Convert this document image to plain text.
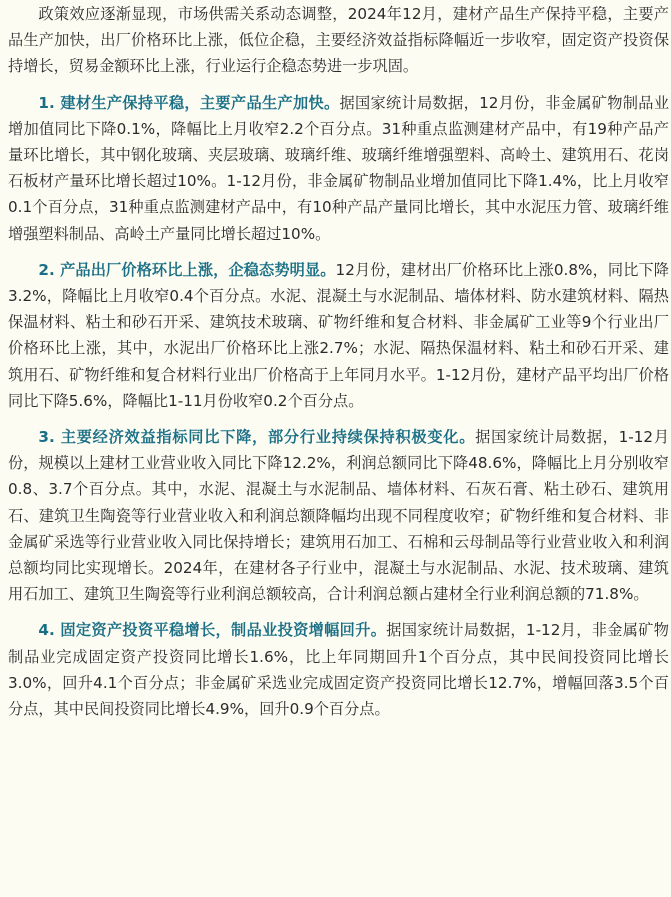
政策效应逐渐显现，市场供需关系动态调整，2024年12月，建材产品生产保持平稳，主要产品生产加快，出厂价格环比上涨，低位企稳，主要经济效益指标降幅近一步收窄，固定资产投资保持增长，贸易金额环比上涨，行业运行企稳态势进一步巩固。

1. 建材生产保持平稳，主要产品生产加快。据国家统计局数据，12月份，非金属矿物制品业增加值同比下降0.1%，降幅比上月收窄2.2个百分点。31种重点监测建材产品中，有19种产品产量环比增长，其中钢化玻璃、夹层玻璃、玻璃纤维、玻璃纤维增强塑料、高岭土、建筑用石、花岗石板材产量环比增长超过10%。1-12月份，非金属矿物制品业增加值同比下降1.4%，比上月收窄0.1个百分点，31种重点监测建材产品中，有10种产品产量同比增长，其中水泥压力管、玻璃纤维增强塑料制品、高岭土产量同比增长超过10%。

2. 产品出厂价格环比上涨，企稳态势明显。12月份，建材出厂价格环比上涨0.8%，同比下降3.2%，降幅比上月收窄0.4个百分点。水泥、混凝土与水泥制品、墙体材料、防水建筑材料、隔热保温材料、粘土和砂石开采、建筑技术玻璃、矿物纤维和复合材料、非金属矿工业等9个行业出厂价格环比上涨，其中，水泥出厂价格环比上涨2.7%；水泥、隔热保温材料、粘土和砂石开采、建筑用石、矿物纤维和复合材料行业出厂价格高于上年同月水平。1-12月份，建材产品平均出厂价格同比下降5.6%，降幅比1-11月份收窄0.2个百分点。

3. 主要经济效益指标同比下降，部分行业持续保持积极变化。据国家统计局数据，1-12月份，规模以上建材工业营业收入同比下降12.2%，利润总额同比下降48.6%，降幅比上月分别收窄0.8、3.7个百分点。其中，水泥、混凝土与水泥制品、墙体材料、石灰石膏、粘土砂石、建筑用石、建筑卫生陶瓷等行业营业收入和利润总额降幅均出现不同程度收窄；矿物纤维和复合材料、非金属矿采选等行业营业收入同比保持增长；建筑用石加工、石棉和云母制品等行业营业收入和利润总额均同比实现增长。2024年，在建材各子行业中，混凝土与水泥制品、水泥、技术玻璃、建筑用石加工、建筑卫生陶瓷等行业利润总额较高，合计利润总额占建材全行业利润总额的71.8%。

4. 固定资产投资平稳增长，制品业投资增幅回升。据国家统计局数据，1-12月，非金属矿物制品业完成固定资产投资同比增长1.6%，比上年同期回升1个百分点，其中民间投资同比增长3.0%，回升4.1个百分点；非金属矿采选业完成固定资产投资同比增长12.7%，增幅回落3.5个百分点，其中民间投资同比增长4.9%，回升0.9个百分点。
